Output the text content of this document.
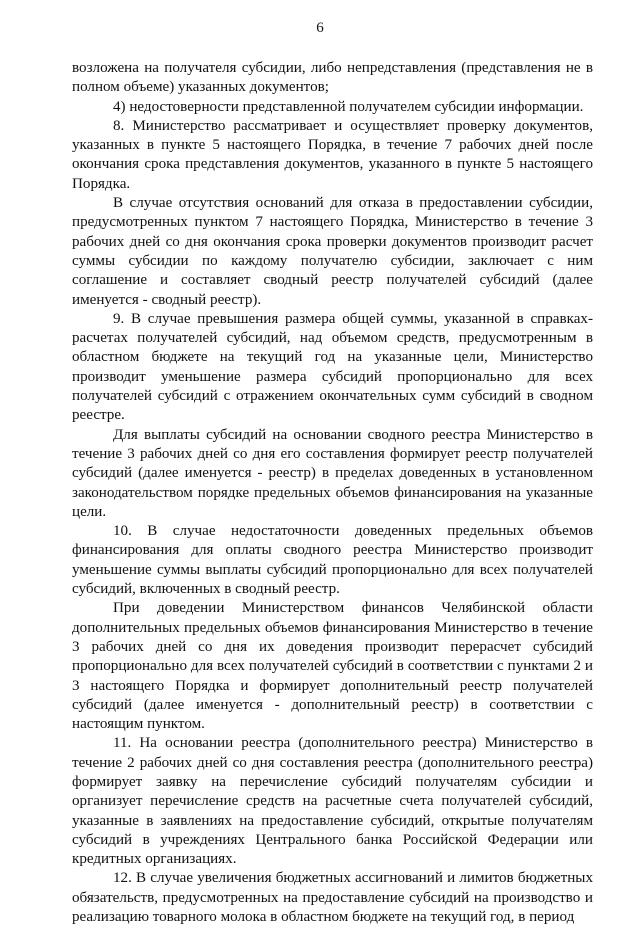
6

возложена на получателя субсидии, либо непредставления (представления не в полном объеме) указанных документов;

4) недостоверности представленной получателем субсидии информации.

8. Министерство рассматривает и осуществляет проверку документов, указанных в пункте 5 настоящего Порядка, в течение 7 рабочих дней после окончания срока представления документов, указанного в пункте 5 настоящего Порядка.

В случае отсутствия оснований для отказа в предоставлении субсидии, предусмотренных пунктом 7 настоящего Порядка, Министерство в течение 3 рабочих дней со дня окончания срока проверки документов производит расчет суммы субсидии по каждому получателю субсидии, заключает с ним соглашение и составляет сводный реестр получателей субсидий (далее именуется - сводный реестр).

9. В случае превышения размера общей суммы, указанной в справках-расчетах получателей субсидий, над объемом средств, предусмотренным в областном бюджете на текущий год на указанные цели, Министерство производит уменьшение размера субсидий пропорционально для всех получателей субсидий с отражением окончательных сумм субсидий в сводном реестре.

Для выплаты субсидий на основании сводного реестра Министерство в течение 3 рабочих дней со дня его составления формирует реестр получателей субсидий (далее именуется - реестр) в пределах доведенных в установленном законодательством порядке предельных объемов финансирования на указанные цели.

10. В случае недостаточности доведенных предельных объемов финансирования для оплаты сводного реестра Министерство производит уменьшение суммы выплаты субсидий пропорционально для всех получателей субсидий, включенных в сводный реестр.

При доведении Министерством финансов Челябинской области дополнительных предельных объемов финансирования Министерство в течение 3 рабочих дней со дня их доведения производит перерасчет субсидий пропорционально для всех получателей субсидий в соответствии с пунктами 2 и 3 настоящего Порядка и формирует дополнительный реестр получателей субсидий (далее именуется - дополнительный реестр) в соответствии с настоящим пунктом.

11. На основании реестра (дополнительного реестра) Министерство в течение 2 рабочих дней со дня составления реестра (дополнительного реестра) формирует заявку на перечисление субсидий получателям субсидии и организует перечисление средств на расчетные счета получателей субсидий, указанные в заявлениях на предоставление субсидий, открытые получателям субсидий в учреждениях Центрального банка Российской Федерации или кредитных организациях.

12. В случае увеличения бюджетных ассигнований и лимитов бюджетных обязательств, предусмотренных на предоставление субсидий на производство и реализацию товарного молока в областном бюджете на текущий год, в период
